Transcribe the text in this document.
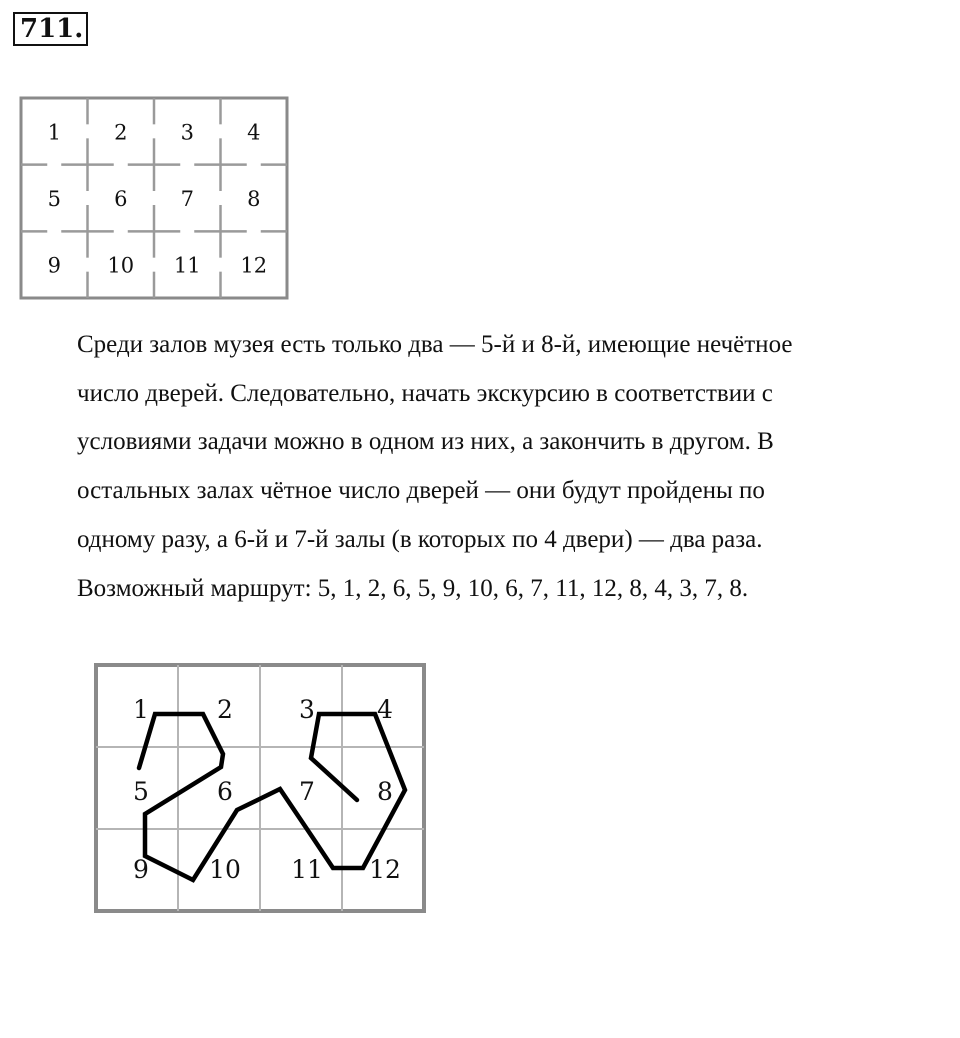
711.
1	2	3	4
5	6	7	8
9 10 11 12

Среди залов музея есть только два — 5-й и 8-й, имеющие нечётное

число дверей. Следовательно, начать экскурсию в соответствии с

условиями задачи можно в одном из них, а закончить в другом. В

остальных залах чётное число дверей — они будут пройдены по

одному разу, а 6-й и 7-й залы (в которых по 4 двери) — два раза.

Возможный маршрут: 5, 1, 2, 6, 5, 9, 10, 6, 7, 11, 12, 8, 4, 3, 7, 8.

1	2	3 4
5	6	7 8
9 10 11 12
